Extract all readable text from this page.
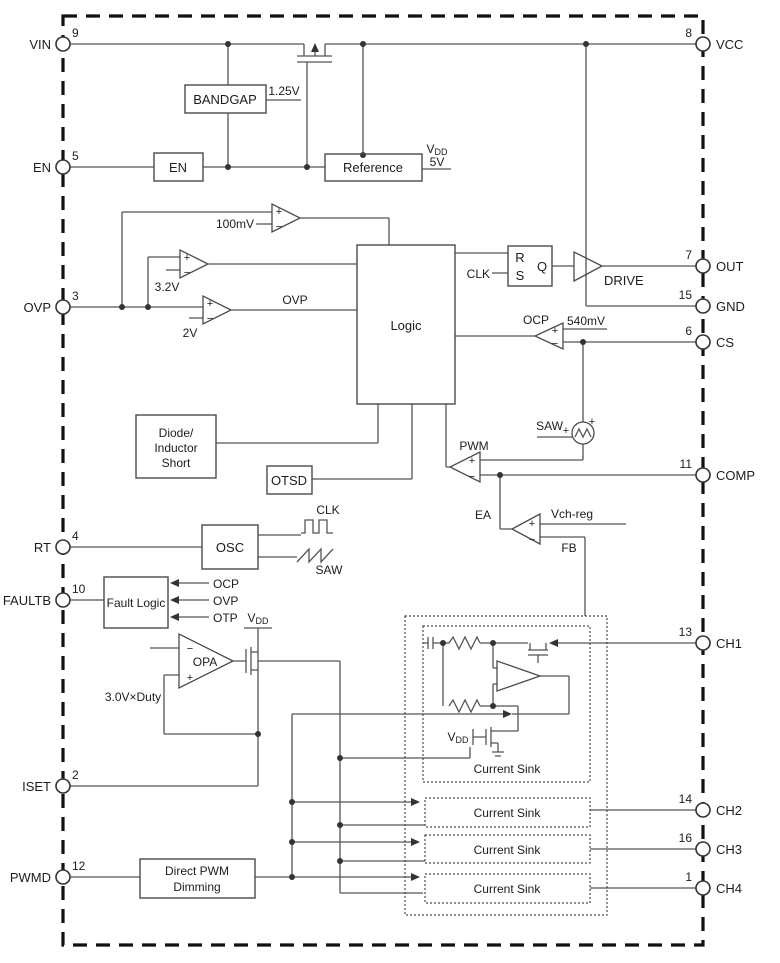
BANDGAP
1.25V
EN	Reference
VDD
5V
Logic
R
S
Q
CLK	DRIVE
Diode/
Inductor
Short
OTSD
OSC
CLK
SAW
Fault Logic
OCP
OVP
OTP
Direct PWM
Dimming
+
−
100mV
+
−
3.2V
+
−
2V
OVP
+
−
OCP 540mV
+
−
PWM
SAW +
+
+
−
EA	Vch-reg
FB
−
+
OPA
3.0V×Duty
VDD
VDD
Current Sink
Current Sink
Current Sink
Current Sink
9
VIN
5
EN
3
OVP
4
RT
10
FAULTB
2
ISET
12
PWMD
8
VCC
7
OUT
15
GND
6
CS
11
COMP
13
CH1
14
CH2
16
CH3
1
CH4
